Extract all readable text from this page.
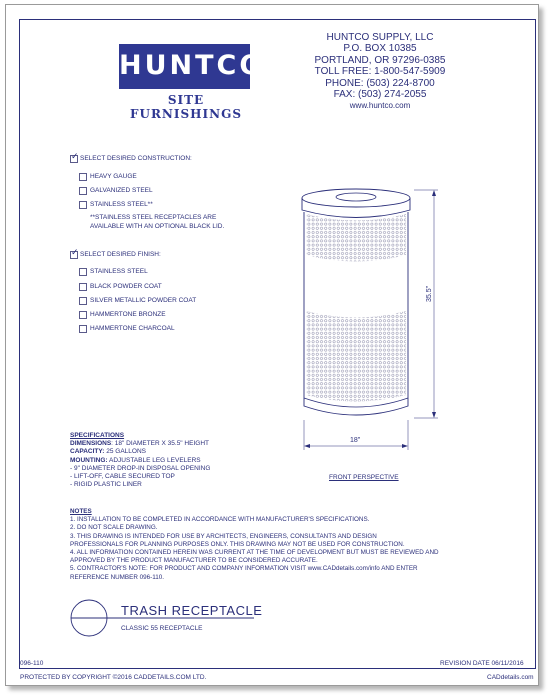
HUNTCO
SITE FURNISHINGS
HUNTCO SUPPLY, LLC
P.O. BOX 10385
PORTLAND, OR 97296-0385
TOLL FREE: 1-800-547-5909
PHONE: (503) 224-8700
FAX: (503) 274-2055
www.huntco.com
✓
SELECT DESIRED CONSTRUCTION:
HEAVY GAUGE
GALVANIZED STEEL
STAINLESS STEEL**
**STAINLESS STEEL RECEPTACLES ARE
AVAILABLE WITH AN OPTIONAL BLACK LID.
✓
SELECT DESIRED FINISH:
STAINLESS STEEL
BLACK POWDER COAT
SILVER METALLIC POWDER COAT
HAMMERTONE BRONZE
HAMMERTONE CHARCOAL
35.5"
18"
FRONT PERSPECTIVE
SPECIFICATIONS
DIMENSIONS: 18" DIAMETER X 35.5" HEIGHT
CAPACITY: 25 GALLONS
MOUNTING: ADJUSTABLE LEG LEVELERS
- 9" DIAMETER DROP-IN DISPOSAL OPENING
- LIFT-OFF, CABLE SECURED TOP
- RIGID PLASTIC LINER
NOTES
1. INSTALLATION TO BE COMPLETED IN ACCORDANCE WITH MANUFACTURER'S SPECIFICATIONS.
2. DO NOT SCALE DRAWING.
3. THIS DRAWING IS INTENDED FOR USE BY ARCHITECTS, ENGINEERS, CONSULTANTS AND DESIGN
PROFESSIONALS FOR PLANNING PURPOSES ONLY. THIS DRAWING MAY NOT BE USED FOR CONSTRUCTION.
4. ALL INFORMATION CONTAINED HEREIN WAS CURRENT AT THE TIME OF DEVELOPMENT BUT MUST BE REVIEWED AND
APPROVED BY THE PRODUCT MANUFACTURER TO BE CONSIDERED ACCURATE.
5. CONTRACTOR'S NOTE: FOR PRODUCT AND COMPANY INFORMATION VISIT www.CADdetails.com/info AND ENTER
REFERENCE NUMBER 096-110.
TRASH RECEPTACLE
CLASSIC 55 RECEPTACLE
096-110	REVISION DATE 06/11/2016
PROTECTED BY COPYRIGHT ©2016 CADDETAILS.COM LTD.	CADdetails.com
